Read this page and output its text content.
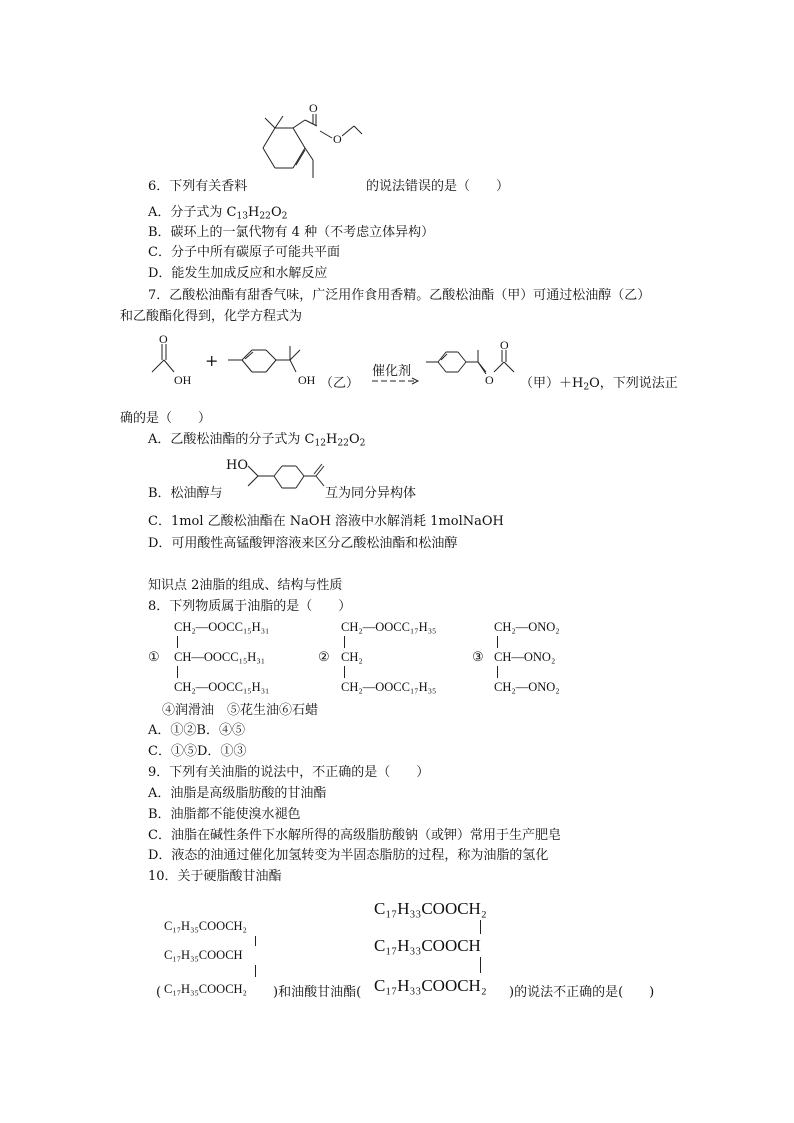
O
O
6．下列有关香料	的说法错误的是（　　）
A．分子式为 $C_{13}H_{22}O_2$
B．碳环上的一氯代物有 4 种（不考虑立体异构）
C．分子中所有碳原子可能共平面
D．能发生加成反应和水解反应
7．乙酸松油酯有甜香气味，广泛用作食用香精。乙酸松油酯（甲）可通过松油醇（乙）
和乙酸酯化得到，化学方程式为
O
OH
+
OH （乙）
催化剂
O
O （甲）$+H_2O$，下列说法正
确的是（　　）
A．乙酸松油酯的分子式为 $C_{12}H_{22}O_2$
HO
B．松油醇与	互为同分异构体
C．1mol 乙酸松油酯在 NaOH 溶液中水解消耗 1molNaOH
D．可用酸性高锰酸钾溶液来区分乙酸松油酯和松油醇
知识点 2油脂的组成、结构与性质
8．下列物质属于油脂的是（　　）
①
CH₂—OOCC₁₅H₃₁
CH—OOCC₁₅H₃₁
CH₂—OOCC₁₅H₃₁
②
CH₂—OOCC₁₇H₃₅
CH₂
CH₂—OOCC₁₇H₃₅
③
CH₂—ONO₂
CH—ONO₂
CH₂—ONO₂
④润滑油　⑤花生油⑥石蜡
A．①②B．④⑤
C．①⑤D．①③
9．下列有关油脂的说法中，不正确的是（　　）
A．油脂是高级脂肪酸的甘油酯
B．油脂都不能使溴水褪色
C．油脂在碱性条件下水解所得的高级脂肪酸钠（或钾）常用于生产肥皂
D．液态的油通过催化加氢转变为半固态脂肪的过程，称为油脂的氢化
10．关于硬脂酸甘油酯
C₁₇H₃₅COOCH₂
C₁₇H₃₅COOCH
C₁₇H₃₃COOCH₂
C₁₇H₃₃COOCH
( C₁₇H₃₅COOCH₂ )和油酸甘油酯( C₁₇H₃₃COOCH₂ )的说法不正确的是(　　)
